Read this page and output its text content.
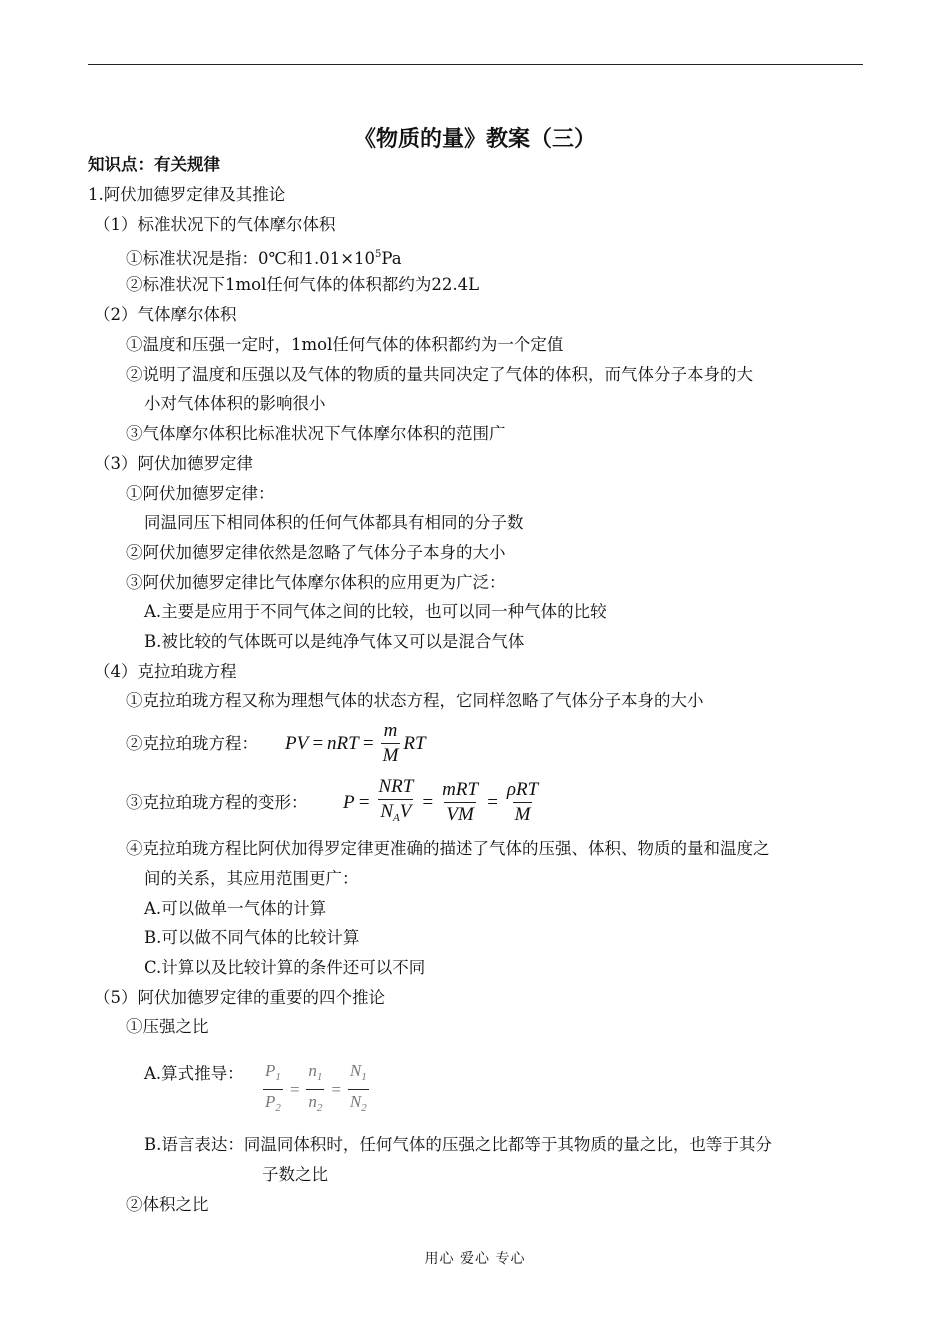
《物质的量》教案（三）
知识点：有关规律
1.阿伏加德罗定律及其推论
（1）标准状况下的气体摩尔体积
①标准状况是指：0℃和$1.01\times 10^5Pa$
②标准状况下1mol任何气体的体积都约为22.4L
（2）气体摩尔体积
①温度和压强一定时，1mol任何气体的体积都约为一个定值
②说明了温度和压强以及气体的物质的量共同决定了气体的体积，而气体分子本身的大
小对气体体积的影响很小
③气体摩尔体积比标准状况下气体摩尔体积的范围广
（3）阿伏加德罗定律
①阿伏加德罗定律：
同温同压下相同体积的任何气体都具有相同的分子数
②阿伏加德罗定律依然是忽略了气体分子本身的大小
③阿伏加德罗定律比气体摩尔体积的应用更为广泛：
A.主要是应用于不同气体之间的比较，也可以同一种气体的比较
B.被比较的气体既可以是纯净气体又可以是混合气体
（4）克拉珀珑方程
①克拉珀珑方程又称为理想气体的状态方程，它同样忽略了气体分子本身的大小
②克拉珀珑方程： PV = nRT = $\frac{m}{M}$ RT
③克拉珀珑方程的变形： $P = \frac{\text{NRT}}{N_AV} = \frac{\text{mRT}}{VM} = \frac{\text{ρRT}}{M}$
④克拉珀珑方程比阿伏加得罗定律更准确的描述了气体的压强、体积、物质的量和温度之
间的关系，其应用范围更广：
A.可以做单一气体的计算
B.可以做不同气体的比较计算
C.计算以及比较计算的条件还可以不同
（5）阿伏加德罗定律的重要的四个推论
①压强之比
A.算式推导： $\frac{P_1}{P_2} = \frac{n_1}{n_2} = \frac{N_1}{N_2}$
B.语言表达：同温同体积时，任何气体的压强之比都等于其物质的量之比，也等于其分
子数之比
②体积之比
用心 爱心 专心
